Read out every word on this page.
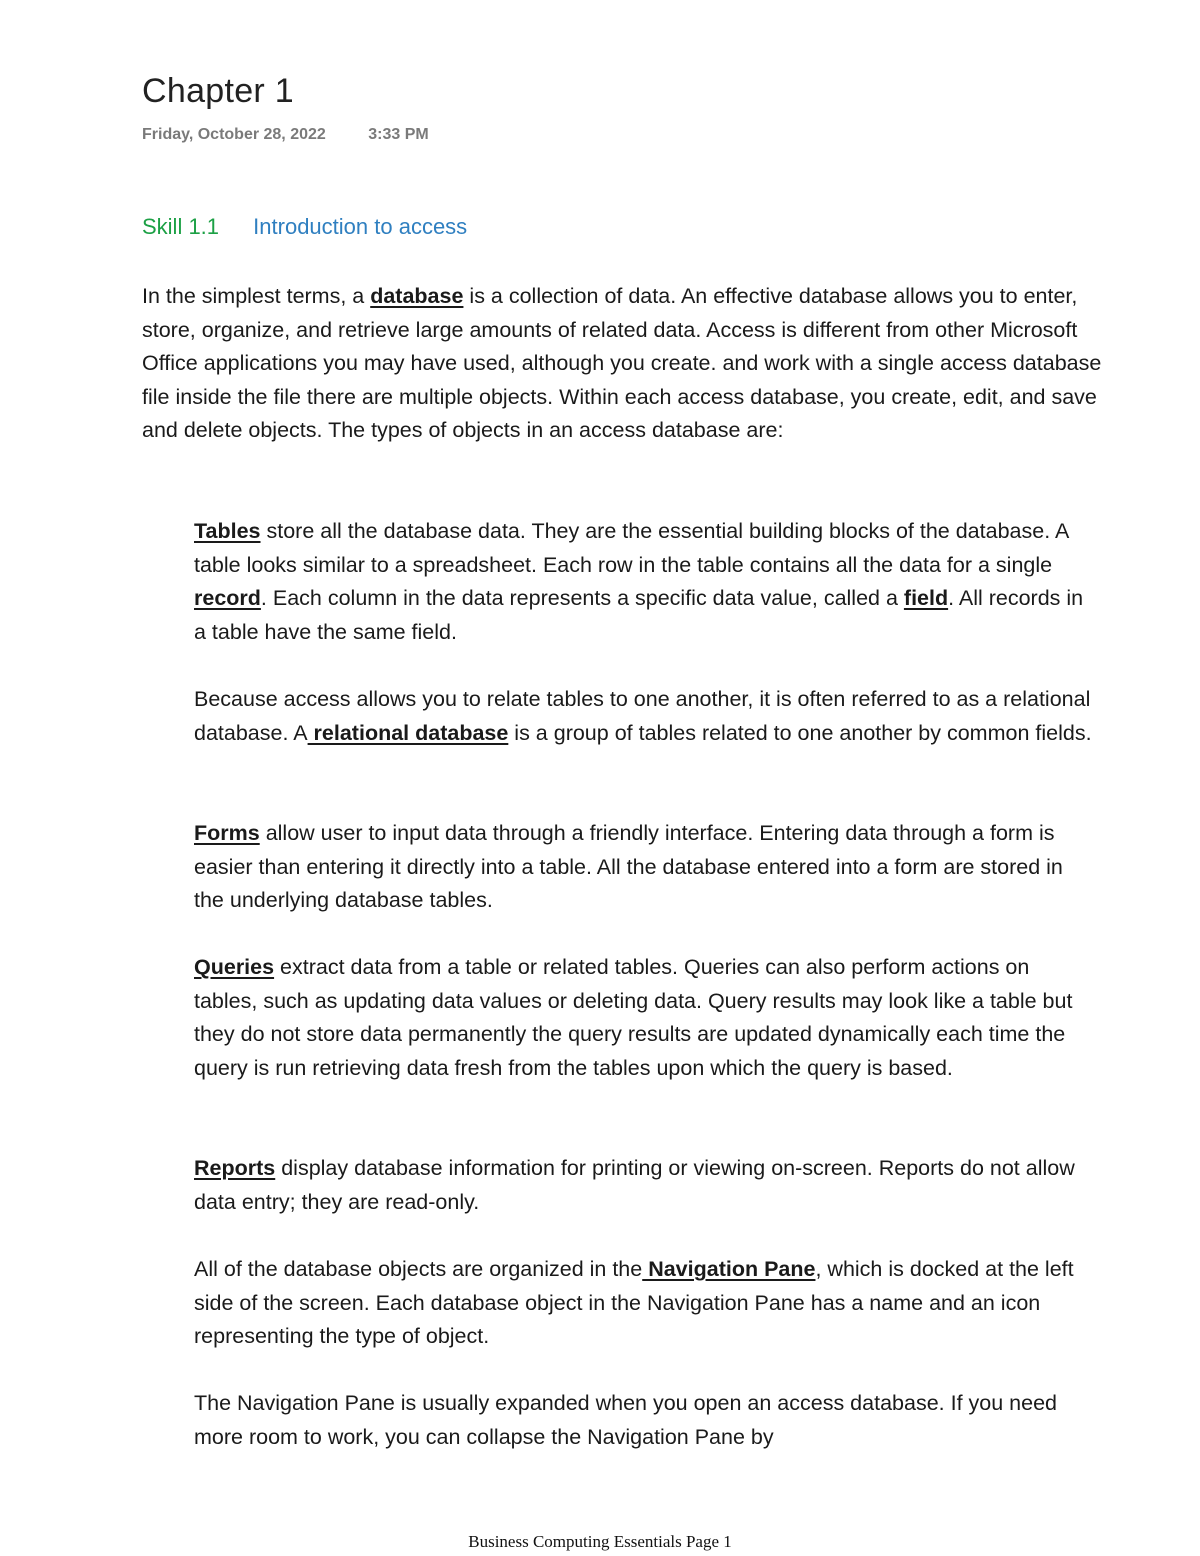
Chapter 1
Friday, October 28, 2022	3:33 PM
Skill 1.1 Introduction to access

In the simplest terms, a database is a collection of data. An effective database allows you to enter, store, organize, and retrieve large amounts of related data. Access is different from other Microsoft Office applications you may have used, although you create. and work with a single access database file inside the file there are multiple objects. Within each access database, you create, edit, and save and delete objects. The types of objects in an access database are:

Tables store all the database data. They are the essential building blocks of the database. A table looks similar to a spreadsheet. Each row in the table contains all the data for a single record. Each column in the data represents a specific data value, called a field. All records in a table have the same field.

Because access allows you to relate tables to one another, it is often referred to as a relational database. A relational database is a group of tables related to one another by common fields.

Forms allow user to input data through a friendly interface. Entering data through a form is easier than entering it directly into a table. All the database entered into a form are stored in the underlying database tables.

Queries extract data from a table or related tables. Queries can also perform actions on tables, such as updating data values or deleting data. Query results may look like a table but they do not store data permanently the query results are updated dynamically each time the query is run retrieving data fresh from the tables upon which the query is based.

Reports display database information for printing or viewing on-screen. Reports do not allow data entry; they are read-only.

All of the database objects are organized in the Navigation Pane, which is docked at the left side of the screen. Each database object in the Navigation Pane has a name and an icon representing the type of object.

The Navigation Pane is usually expanded when you open an access database. If you need more room to work, you can collapse the Navigation Pane by

Business Computing Essentials Page 1
